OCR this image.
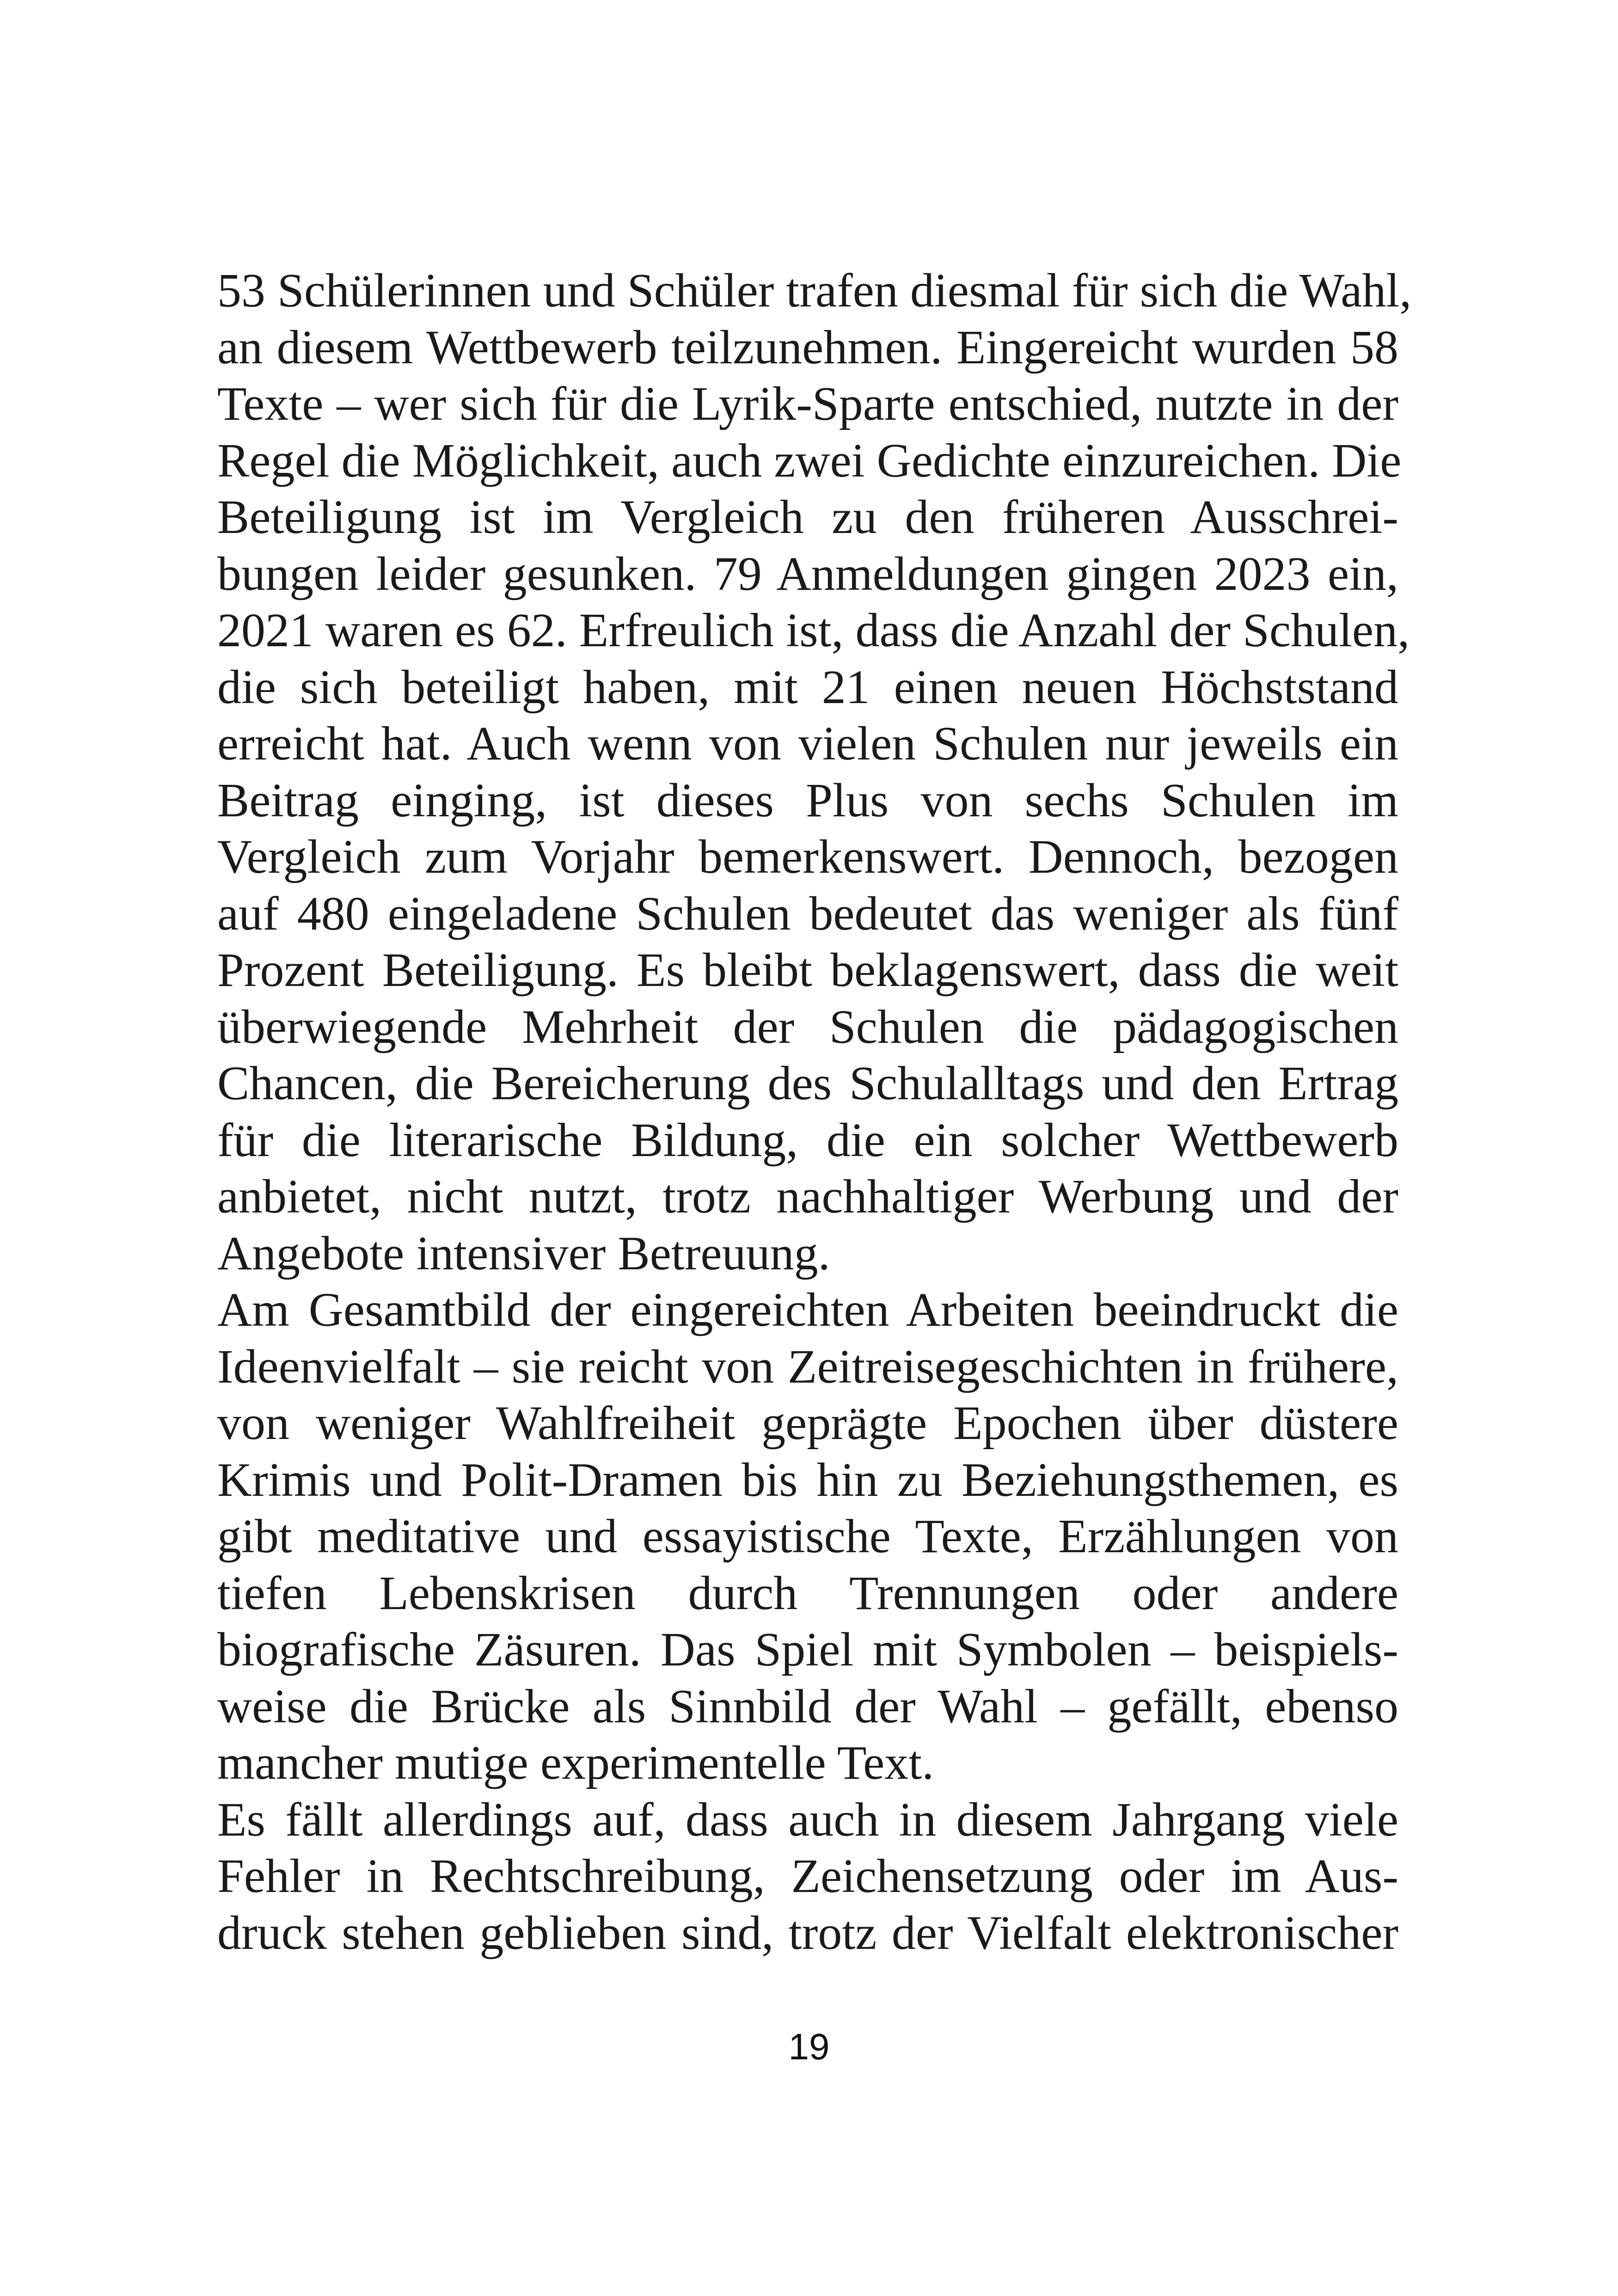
53 Schülerinnen und Schüler trafen diesmal für sich die Wahl,
an diesem Wettbewerb teilzunehmen. Eingereicht wurden 58
Texte – wer sich für die Lyrik-Sparte entschied, nutzte in der
Regel die Möglichkeit, auch zwei Gedichte einzureichen. Die
Beteiligung ist im Vergleich zu den früheren Ausschrei-
bungen leider gesunken. 79 Anmeldungen gingen 2023 ein,
2021 waren es 62. Erfreulich ist, dass die Anzahl der Schulen,
die sich beteiligt haben, mit 21 einen neuen Höchststand
erreicht hat. Auch wenn von vielen Schulen nur jeweils ein
Beitrag einging, ist dieses Plus von sechs Schulen im
Vergleich zum Vorjahr bemerkenswert. Dennoch, bezogen
auf 480 eingeladene Schulen bedeutet das weniger als fünf
Prozent Beteiligung. Es bleibt beklagenswert, dass die weit
überwiegende Mehrheit der Schulen die pädagogischen
Chancen, die Bereicherung des Schulalltags und den Ertrag
für die literarische Bildung, die ein solcher Wettbewerb
anbietet, nicht nutzt, trotz nachhaltiger Werbung und der
Angebote intensiver Betreuung.
Am Gesamtbild der eingereichten Arbeiten beeindruckt die
Ideenvielfalt – sie reicht von Zeitreisegeschichten in frühere,
von weniger Wahlfreiheit geprägte Epochen über düstere
Krimis und Polit-Dramen bis hin zu Beziehungsthemen, es
gibt meditative und essayistische Texte, Erzählungen von
tiefen Lebenskrisen durch Trennungen oder andere
biografische Zäsuren. Das Spiel mit Symbolen – beispiels-
weise die Brücke als Sinnbild der Wahl – gefällt, ebenso
mancher mutige experimentelle Text.
Es fällt allerdings auf, dass auch in diesem Jahrgang viele
Fehler in Rechtschreibung, Zeichensetzung oder im Aus-
druck stehen geblieben sind, trotz der Vielfalt elektronischer
19
